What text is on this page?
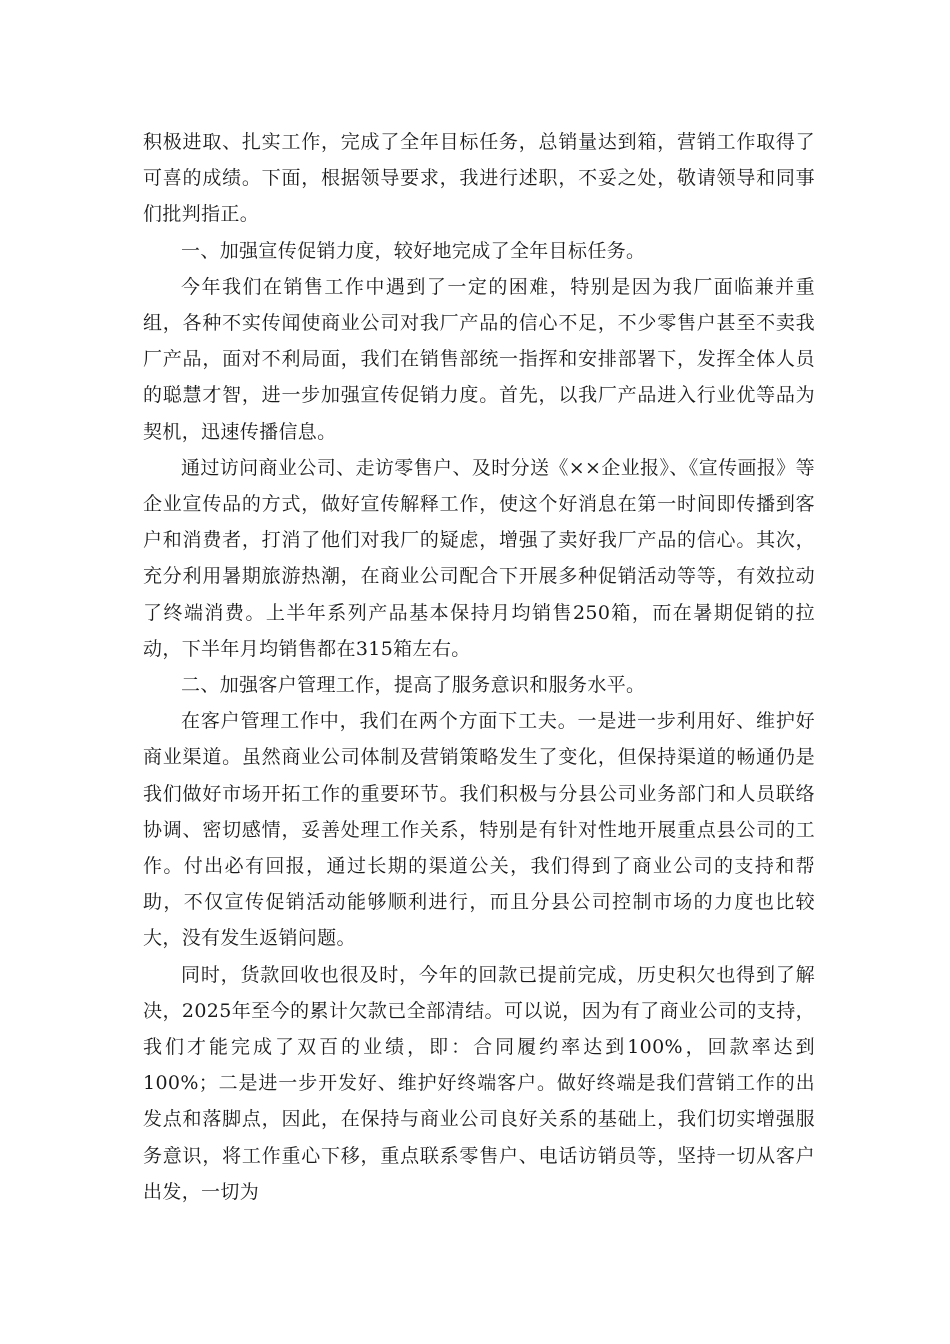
积极进取、扎实工作，完成了全年目标任务，总销量达到箱，营销工作取得了可喜的成绩。下面，根据领导要求，我进行述职，不妥之处，敬请领导和同事们批判指正。

一、加强宣传促销力度，较好地完成了全年目标任务。

今年我们在销售工作中遇到了一定的困难，特别是因为我厂面临兼并重组，各种不实传闻使商业公司对我厂产品的信心不足，不少零售户甚至不卖我厂产品，面对不利局面，我们在销售部统一指挥和安排部署下，发挥全体人员的聪慧才智，进一步加强宣传促销力度。首先，以我厂产品进入行业优等品为契机，迅速传播信息。

通过访问商业公司、走访零售户、及时分送《××企业报》、《宣传画报》等企业宣传品的方式，做好宣传解释工作，使这个好消息在第一时间即传播到客户和消费者，打消了他们对我厂的疑虑，增强了卖好我厂产品的信心。其次，充分利用暑期旅游热潮，在商业公司配合下开展多种促销活动等等，有效拉动了终端消费。上半年系列产品基本保持月均销售250箱，而在暑期促销的拉动，下半年月均销售都在315箱左右。

二、加强客户管理工作，提高了服务意识和服务水平。

在客户管理工作中，我们在两个方面下工夫。一是进一步利用好、维护好商业渠道。虽然商业公司体制及营销策略发生了变化，但保持渠道的畅通仍是我们做好市场开拓工作的重要环节。我们积极与分县公司业务部门和人员联络协调、密切感情，妥善处理工作关系，特别是有针对性地开展重点县公司的工作。付出必有回报，通过长期的渠道公关，我们得到了商业公司的支持和帮助，不仅宣传促销活动能够顺利进行，而且分县公司控制市场的力度也比较大，没有发生返销问题。

同时，货款回收也很及时，今年的回款已提前完成，历史积欠也得到了解决，2025年至今的累计欠款已全部清结。可以说，因为有了商业公司的支持，我们才能完成了双百的业绩，即：合同履约率达到100%，回款率达到100%；二是进一步开发好、维护好终端客户。做好终端是我们营销工作的出发点和落脚点，因此，在保持与商业公司良好关系的基础上，我们切实增强服务意识，将工作重心下移，重点联系零售户、电话访销员等，坚持一切从客户出发，一切为
